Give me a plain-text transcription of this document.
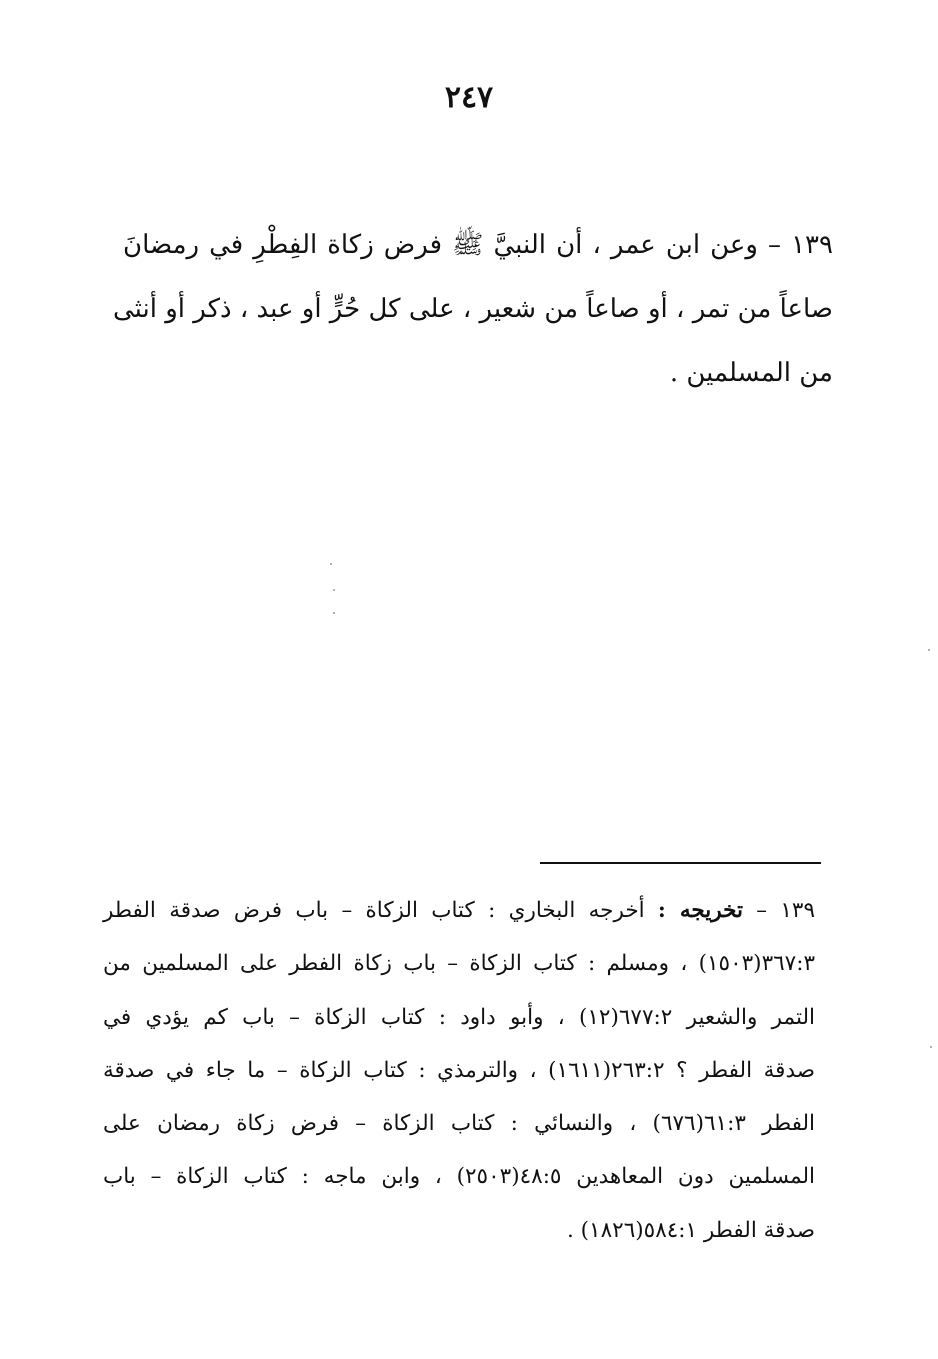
٢٤٧

١٣٩ – وعن ابن عمر ، أن النبيَّ ﷺ فرض زكاة الفِطْرِ في رمضانَ
صاعاً من تمر ، أو صاعاً من شعير ، على كل حُرٍّ أو عبد ، ذكر أو أنثى
من المسلمين .

١٣٩ – تخريجه : أخرجه البخاري : كتاب الزكاة – باب فرض صدقة الفطر
٣٦٧:٣(١٥٠٣) ، ومسلم : كتاب الزكاة – باب زكاة الفطر على المسلمين من
التمر والشعير ٦٧٧:٢(١٢) ، وأبو داود : كتاب الزكاة – باب كم يؤدي في
صدقة الفطر ؟ ٢٦٣:٢(١٦١١) ، والترمذي : كتاب الزكاة – ما جاء في صدقة
الفطر ٦١:٣(٦٧٦) ، والنسائي : كتاب الزكاة – فرض زكاة رمضان على
المسلمين دون المعاهدين ٤٨:٥(٢٥٠٣) ، وابن ماجه : كتاب الزكاة – باب
صدقة الفطر ٥٨٤:١(١٨٢٦) .
